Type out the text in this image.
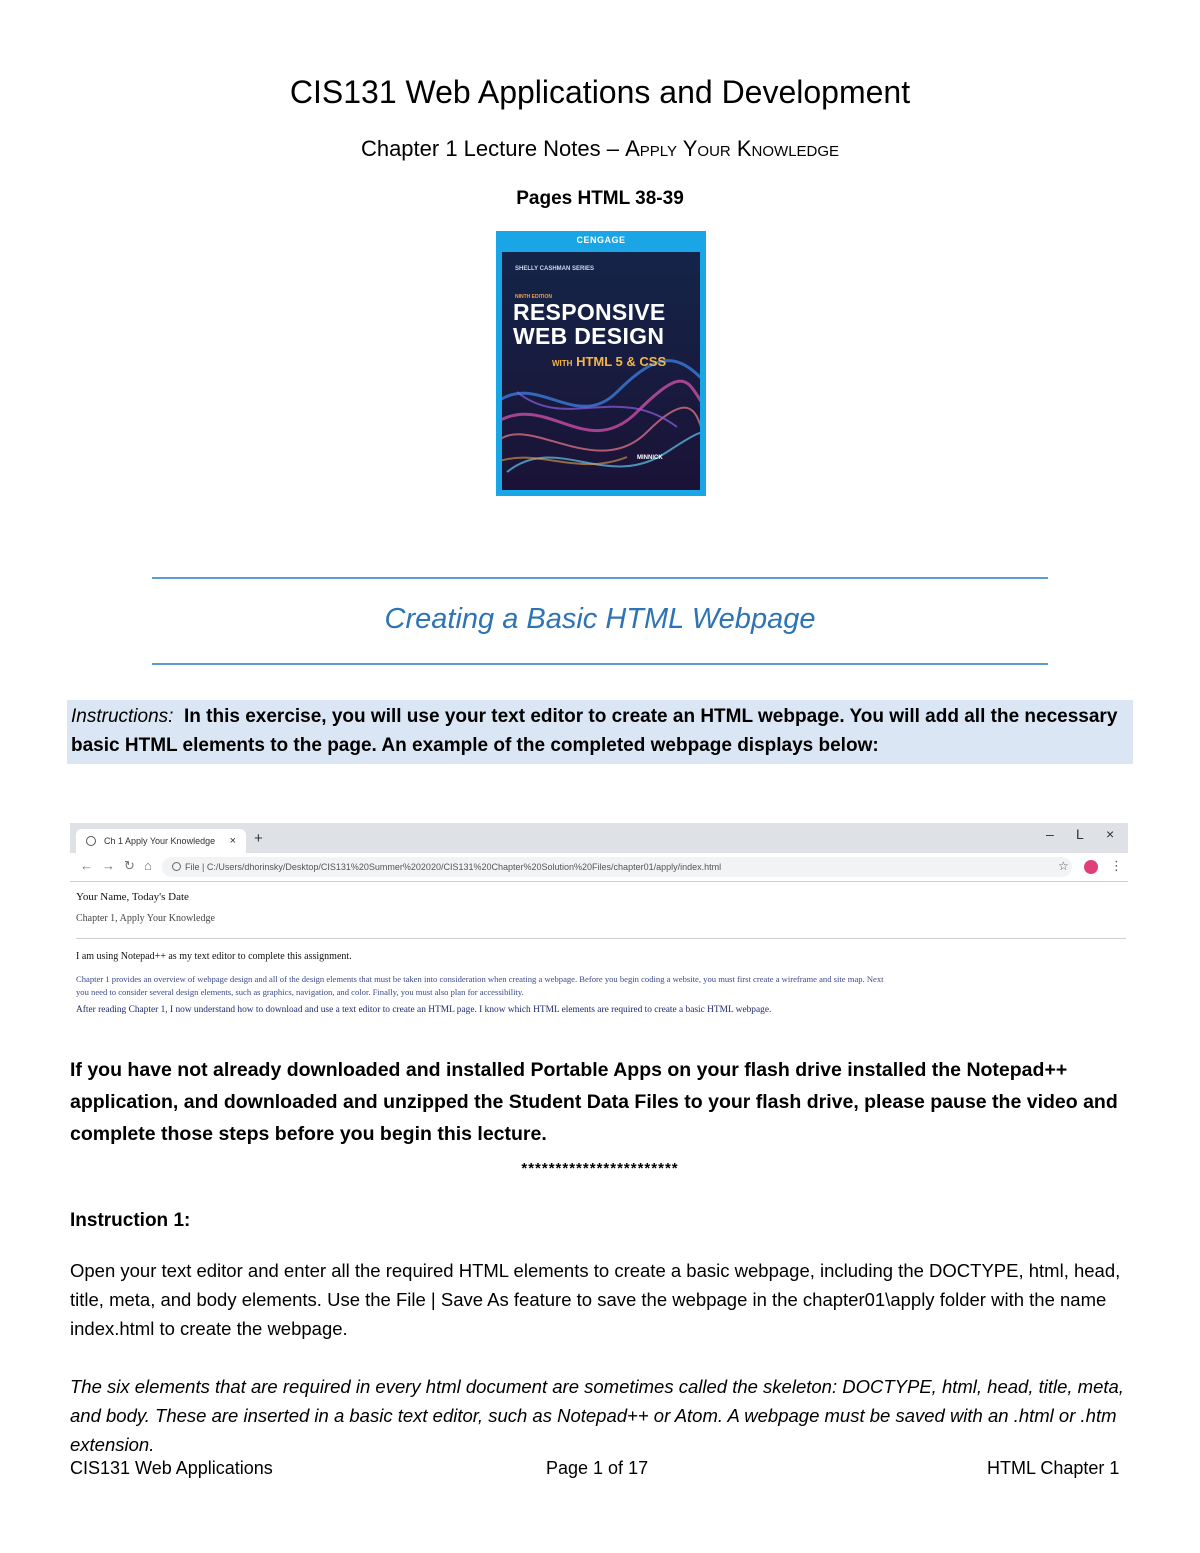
CIS131 Web Applications and Development
Chapter 1 Lecture Notes – Apply Your Knowledge
Pages HTML 38-39
CENGAGE
SHELLY CASHMAN SERIES
NINTH EDITION
RESPONSIVE
WEB DESIGN
WITH HTML 5 & CSS
MINNICK
Creating a Basic HTML Webpage
Instructions: In this exercise, you will use your text editor to create an HTML webpage. You will add all the necessary basic HTML elements to the page. An example of the completed webpage displays below:
Ch 1 Apply Your Knowledge × +	– L ×
← → ↻ ⌂	File | C:/Users/dhorinsky/Desktop/CIS131%20Summer%202020/CIS131%20Chapter%20Solution%20Files/chapter01/apply/index.html	☆	⋮
Your Name, Today's Date
Chapter 1, Apply Your Knowledge
I am using Notepad++ as my text editor to complete this assignment.
Chapter 1 provides an overview of webpage design and all of the design elements that must be taken into consideration when creating a webpage. Before you begin coding a website, you must first create a wireframe and site map. Next
you need to consider several design elements, such as graphics, navigation, and color. Finally, you must also plan for accessibility.
After reading Chapter 1, I now understand how to download and use a text editor to create an HTML page. I know which HTML elements are required to create a basic HTML webpage.
If you have not already downloaded and installed Portable Apps on your flash drive installed the Notepad++ application, and downloaded and unzipped the Student Data Files to your flash drive, please pause the video and complete those steps before you begin this lecture.
***********************
Instruction 1:
Open your text editor and enter all the required HTML elements to create a basic webpage, including the DOCTYPE, html, head, title, meta, and body elements. Use the File | Save As feature to save the webpage in the chapter01\apply folder with the name index.html to create the webpage.
The six elements that are required in every html document are sometimes called the skeleton: DOCTYPE, html, head, title, meta, and body. These are inserted in a basic text editor, such as Notepad++ or Atom. A webpage must be saved with an .html or .htm extension.
CIS131 Web Applications	Page 1 of 17	HTML Chapter 1
